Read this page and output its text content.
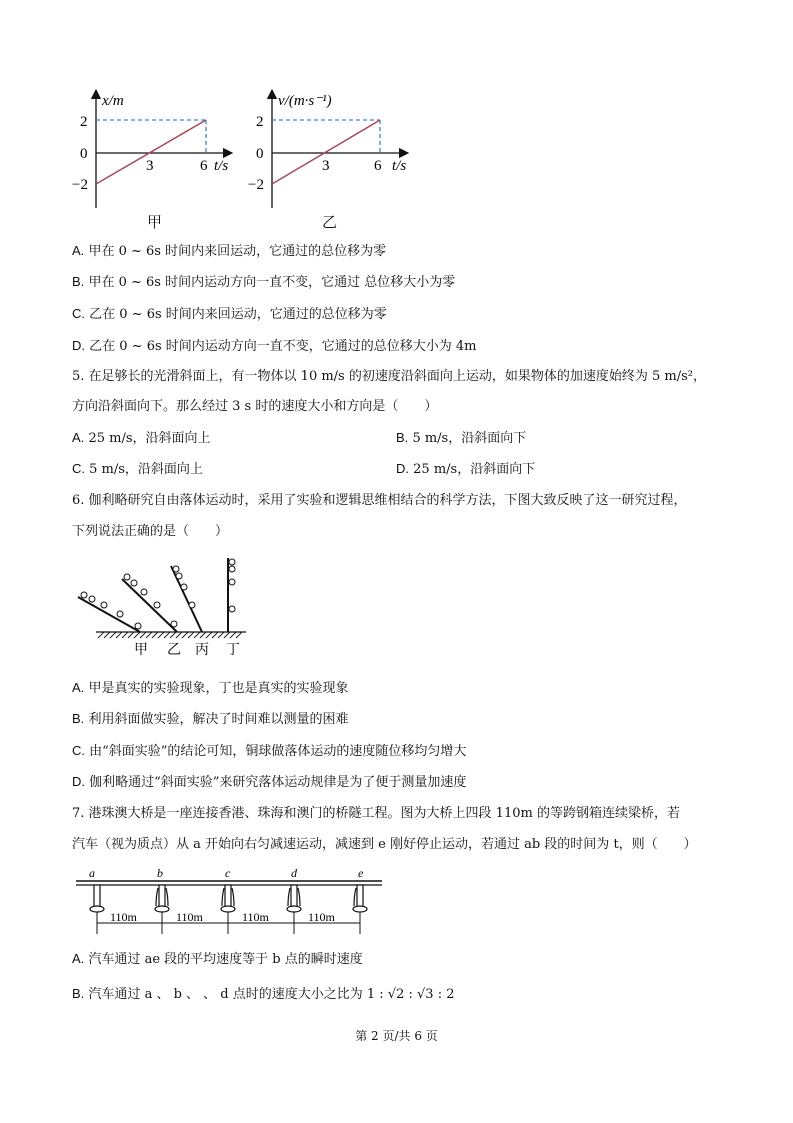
x/m
2
0
−2
3	6 t/s
甲
v/(m·s⁻¹)
2
0
−2
3	6 t/s
乙
A. 甲在 0 ~ 6s 时间内来回运动，它通过的总位移为零
B. 甲在 0 ~ 6s 时间内运动方向一直不变，它通过 总位移大小为零
C. 乙在 0 ~ 6s 时间内来回运动，它通过的总位移为零
D. 乙在 0 ~ 6s 时间内运动方向一直不变，它通过的总位移大小为 4m
5. 在足够长的光滑斜面上，有一物体以 10 m/s 的初速度沿斜面向上运动，如果物体的加速度始终为 5 m/s²，
方向沿斜面向下。那么经过 3 s 时的速度大小和方向是（　　）
A. 25 m/s，沿斜面向上	B. 5 m/s，沿斜面向下
C. 5 m/s，沿斜面向上	D. 25 m/s，沿斜面向下
6. 伽利略研究自由落体运动时，采用了实验和逻辑思维相结合的科学方法，下图大致反映了这一研究过程，
下列说法正确的是（　　）
甲 乙 丙 丁
A. 甲是真实的实验现象，丁也是真实的实验现象
B. 利用斜面做实验，解决了时间难以测量的困难
C. 由“斜面实验”的结论可知，铜球做落体运动的速度随位移均匀增大
D. 伽利略通过“斜面实验”来研究落体运动规律是为了便于测量加速度
7. 港珠澳大桥是一座连接香港、珠海和澳门的桥隧工程。图为大桥上四段 110m 的等跨钢箱连续梁桥，若
汽车（视为质点）从 a 开始向右匀减速运动，减速到 e 刚好停止运动，若通过 ab 段的时间为 t，则（　　）
a	b	c	d	e
110m	110m	110m	110m
A. 汽车通过 ae 段的平均速度等于 b 点的瞬时速度
B. 汽车通过 a 、 b 、 、 d 点时的速度大小之比为 1 : √2 : √3 : 2
第 2 页/共 6 页
